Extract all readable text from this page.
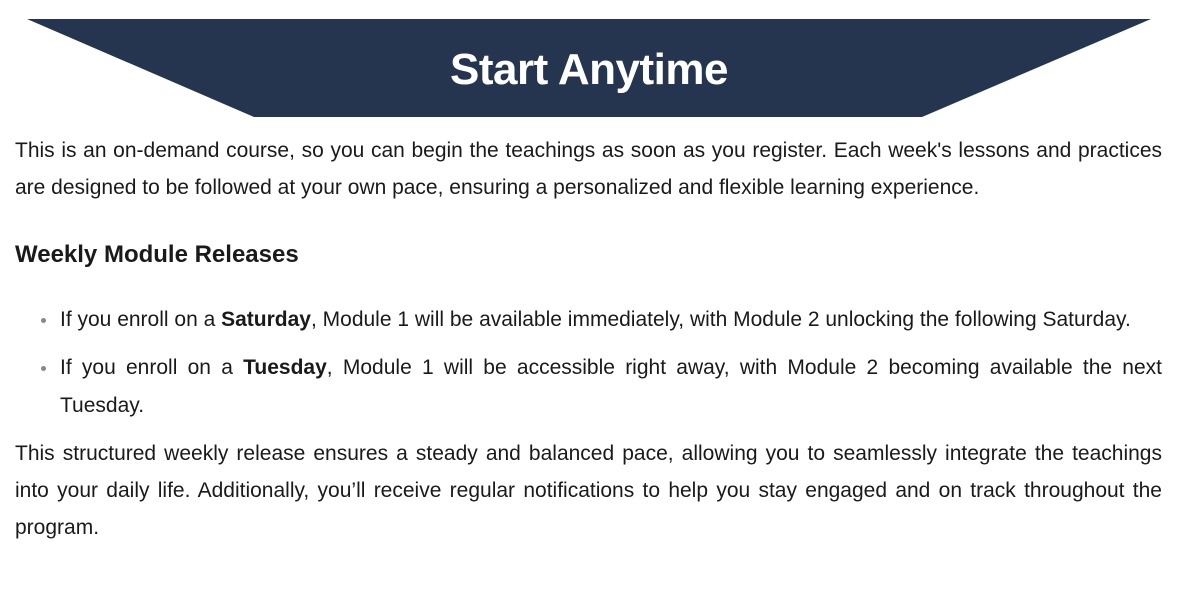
Start Anytime

This is an on-demand course, so you can begin the teachings as soon as you register. Each week's lessons and practices are designed to be followed at your own pace, ensuring a personalized and flexible learning experience.

Weekly Module Releases
If you enroll on a Saturday, Module 1 will be available immediately, with Module 2 unlocking the following Saturday.
If you enroll on a Tuesday, Module 1 will be accessible right away, with Module 2 becoming available the next Tuesday.

This structured weekly release ensures a steady and balanced pace, allowing you to seamlessly integrate the teachings into your daily life. Additionally, you’ll receive regular notifications to help you stay engaged and on track throughout the program.
